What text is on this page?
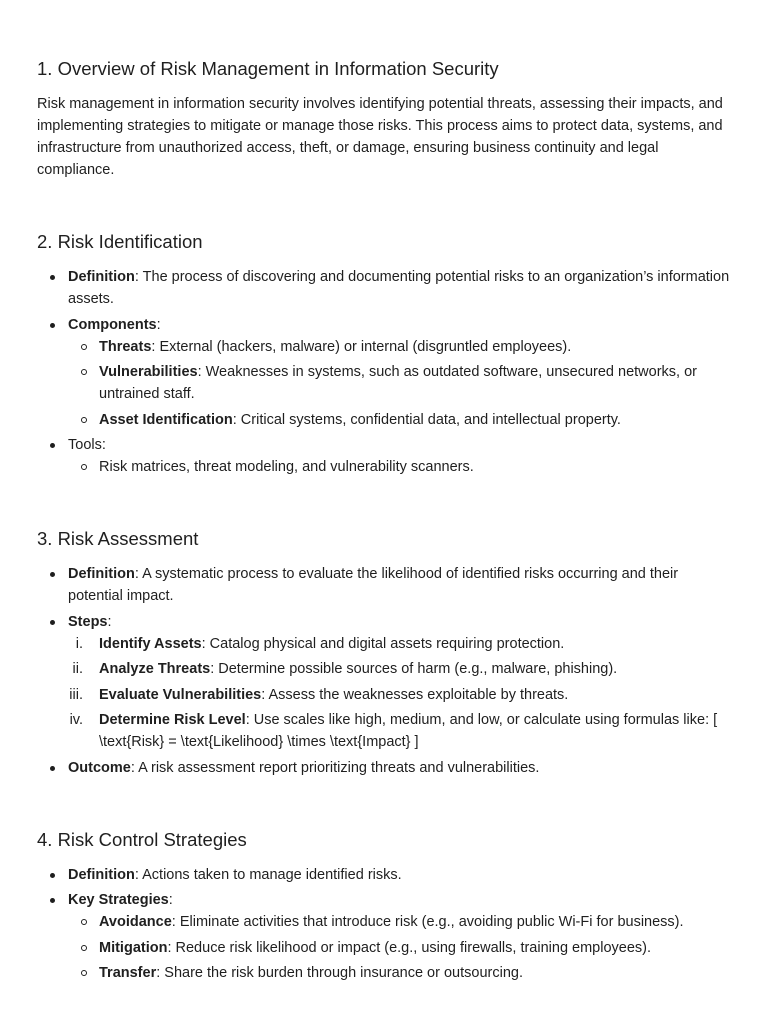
1. Overview of Risk Management in Information Security

Risk management in information security involves identifying potential threats, assessing their impacts, and implementing strategies to mitigate or manage those risks. This process aims to protect data, systems, and infrastructure from unauthorized access, theft, or damage, ensuring business continuity and legal compliance.

2. Risk Identification
Definition: The process of discovering and documenting potential risks to an organization’s information assets.
Components:
Threats: External (hackers, malware) or internal (disgruntled employees).
Vulnerabilities: Weaknesses in systems, such as outdated software, unsecured networks, or untrained staff.
Asset Identification: Critical systems, confidential data, and intellectual property.
Tools:
Risk matrices, threat modeling, and vulnerability scanners.
3. Risk Assessment
Definition: A systematic process to evaluate the likelihood of identified risks occurring and their potential impact.
Steps:
i. Identify Assets: Catalog physical and digital assets requiring protection.
ii. Analyze Threats: Determine possible sources of harm (e.g., malware, phishing).
iii. Evaluate Vulnerabilities: Assess the weaknesses exploitable by threats.
iv. Determine Risk Level: Use scales like high, medium, and low, or calculate using formulas like: [ \text{Risk} = \text{Likelihood} \times \text{Impact} ]
Outcome: A risk assessment report prioritizing threats and vulnerabilities.
4. Risk Control Strategies
Definition: Actions taken to manage identified risks.
Key Strategies:
Avoidance: Eliminate activities that introduce risk (e.g., avoiding public Wi-Fi for business).
Mitigation: Reduce risk likelihood or impact (e.g., using firewalls, training employees).
Transfer: Share the risk burden through insurance or outsourcing.
